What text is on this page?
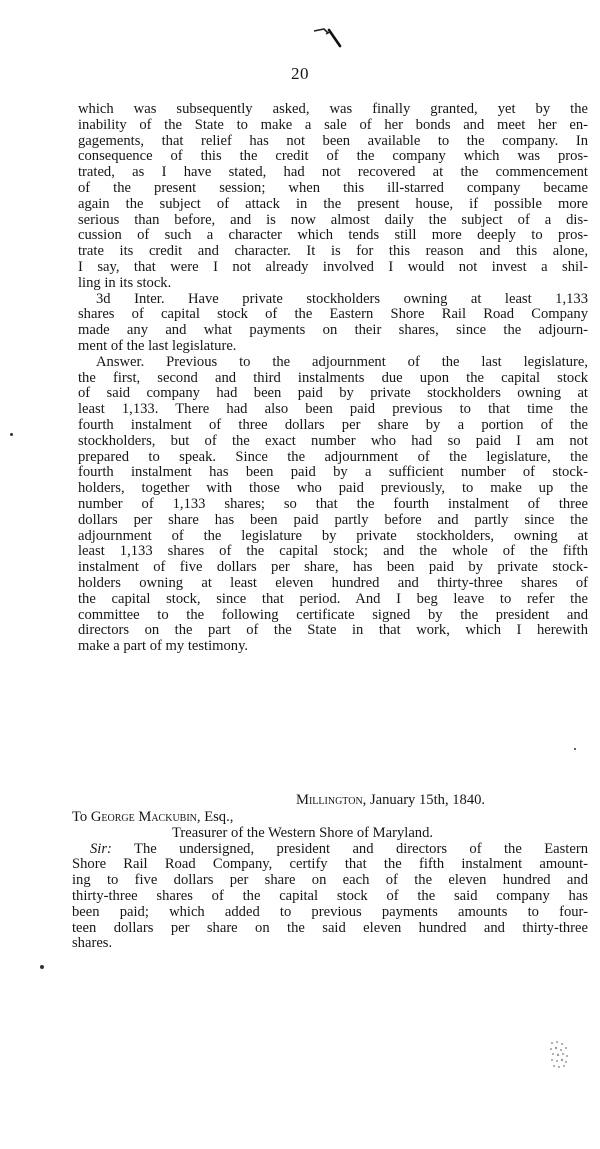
20
which was subsequently asked, was finally granted, yet by the
inability of the State to make a sale of her bonds and meet her en-
gagements, that relief has not been available to the company. In
consequence of this the credit of the company which was pros-
trated, as I have stated, had not recovered at the commencement
of the present session; when this ill-starred company became
again the subject of attack in the present house, if possible more
serious than before, and is now almost daily the subject of a dis-
cussion of such a character which tends still more deeply to pros-
trate its credit and character. It is for this reason and this alone,
I say, that were I not already involved I would not invest a shil-
ling in its stock.
3d Inter. Have private stockholders owning at least 1,133
shares of capital stock of the Eastern Shore Rail Road Company
made any and what payments on their shares, since the adjourn-
ment of the last legislature.
Answer. Previous to the adjournment of the last legislature,
the first, second and third instalments due upon the capital stock
of said company had been paid by private stockholders owning at
least 1,133. There had also been paid previous to that time the
fourth instalment of three dollars per share by a portion of the
stockholders, but of the exact number who had so paid I am not
prepared to speak. Since the adjournment of the legislature, the
fourth instalment has been paid by a sufficient number of stock-
holders, together with those who paid previously, to make up the
number of 1,133 shares; so that the fourth instalment of three
dollars per share has been paid partly before and partly since the
adjournment of the legislature by private stockholders, owning at
least 1,133 shares of the capital stock; and the whole of the fifth
instalment of five dollars per share, has been paid by private stock-
holders owning at least eleven hundred and thirty-three shares of
the capital stock, since that period. And I beg leave to refer the
committee to the following certificate signed by the president and
directors on the part of the State in that work, which I herewith
make a part of my testimony.
Millington, January 15th, 1840.
To George Mackubin, Esq.,
Treasurer of the Western Shore of Maryland.
Sir: The undersigned, president and directors of the Eastern
Shore Rail Road Company, certify that the fifth instalment amount-
ing to five dollars per share on each of the eleven hundred and
thirty-three shares of the capital stock of the said company has
been paid; which added to previous payments amounts to four-
teen dollars per share on the said eleven hundred and thirty-three
shares.
